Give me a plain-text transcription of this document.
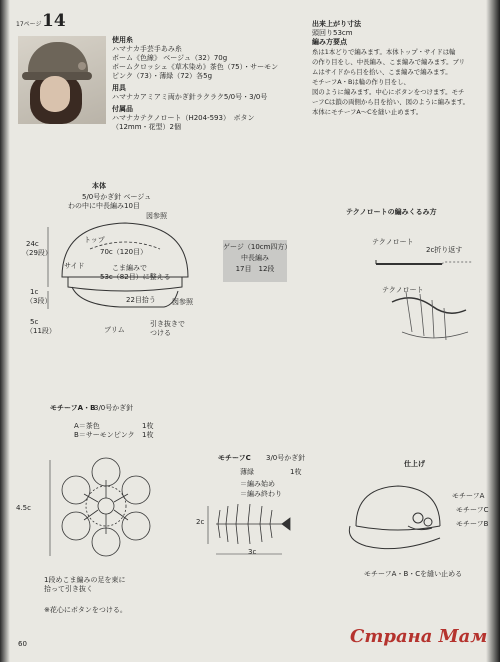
17ページ 14
使用糸
ハマナカ手芸手あみ糸
ボーム《色線》 ベージュ（32）70g
ボームクロッシェ《草木染め》茶色（75）・サーモン
ピンク（73）・薄緑（72）各5g
用具
ハマナカアミアミ両かぎ針ラクラク5/0号・3/0号
付属品
ハマナカテクノロート（H204-593）　ボタン
（12mm・花型）2個
出来上がり寸法
頭回り53cm
編み方要点
糸は1本どりで編みます。本体トップ・サイドは輪
の作り目をし、中長編み、こま編みで編みます。ブリ
ムはサイドから目を拾い、こま編みで編みます。
モチーフA・Bは輪の作り目をし、
図のように編みます。中心にボタンをつけます。モチ
ーフCは鎖の両側から目を拾い、図のように編みます。
本体にモチーフA〜Cを縫い止めます。
本体
5/0号かぎ針 ベージュ
わの中に中長編み10目
図参照
トップ
70c（120目）
サイド	こま編みで
53c（82目）に整える
24c
（29段）
1c
（3段）
5c
（11段）
22目拾う
ブリム
図参照
引き抜きで
つける
ゲージ（10cm四方）
中長編み
17目　12段
テクノロートの編みくるみ方
テクノロート
2c折り返す
テクノロート
モチーフA・B
3/0号かぎ針
A＝茶色	1枚
B＝サーモンピンク 1枚
4.5c
1段めこま編みの足を束に
拾って引き抜く
※花心にボタンをつける。
モチーフC 3/0号かぎ針
薄緑	1枚
＝編み始め
＝編み終わり
2c
3c
仕上げ
モチーフA
モチーフC
モチーフB
モチーフA・B・Cを縫い止める
60	Страна Мам
